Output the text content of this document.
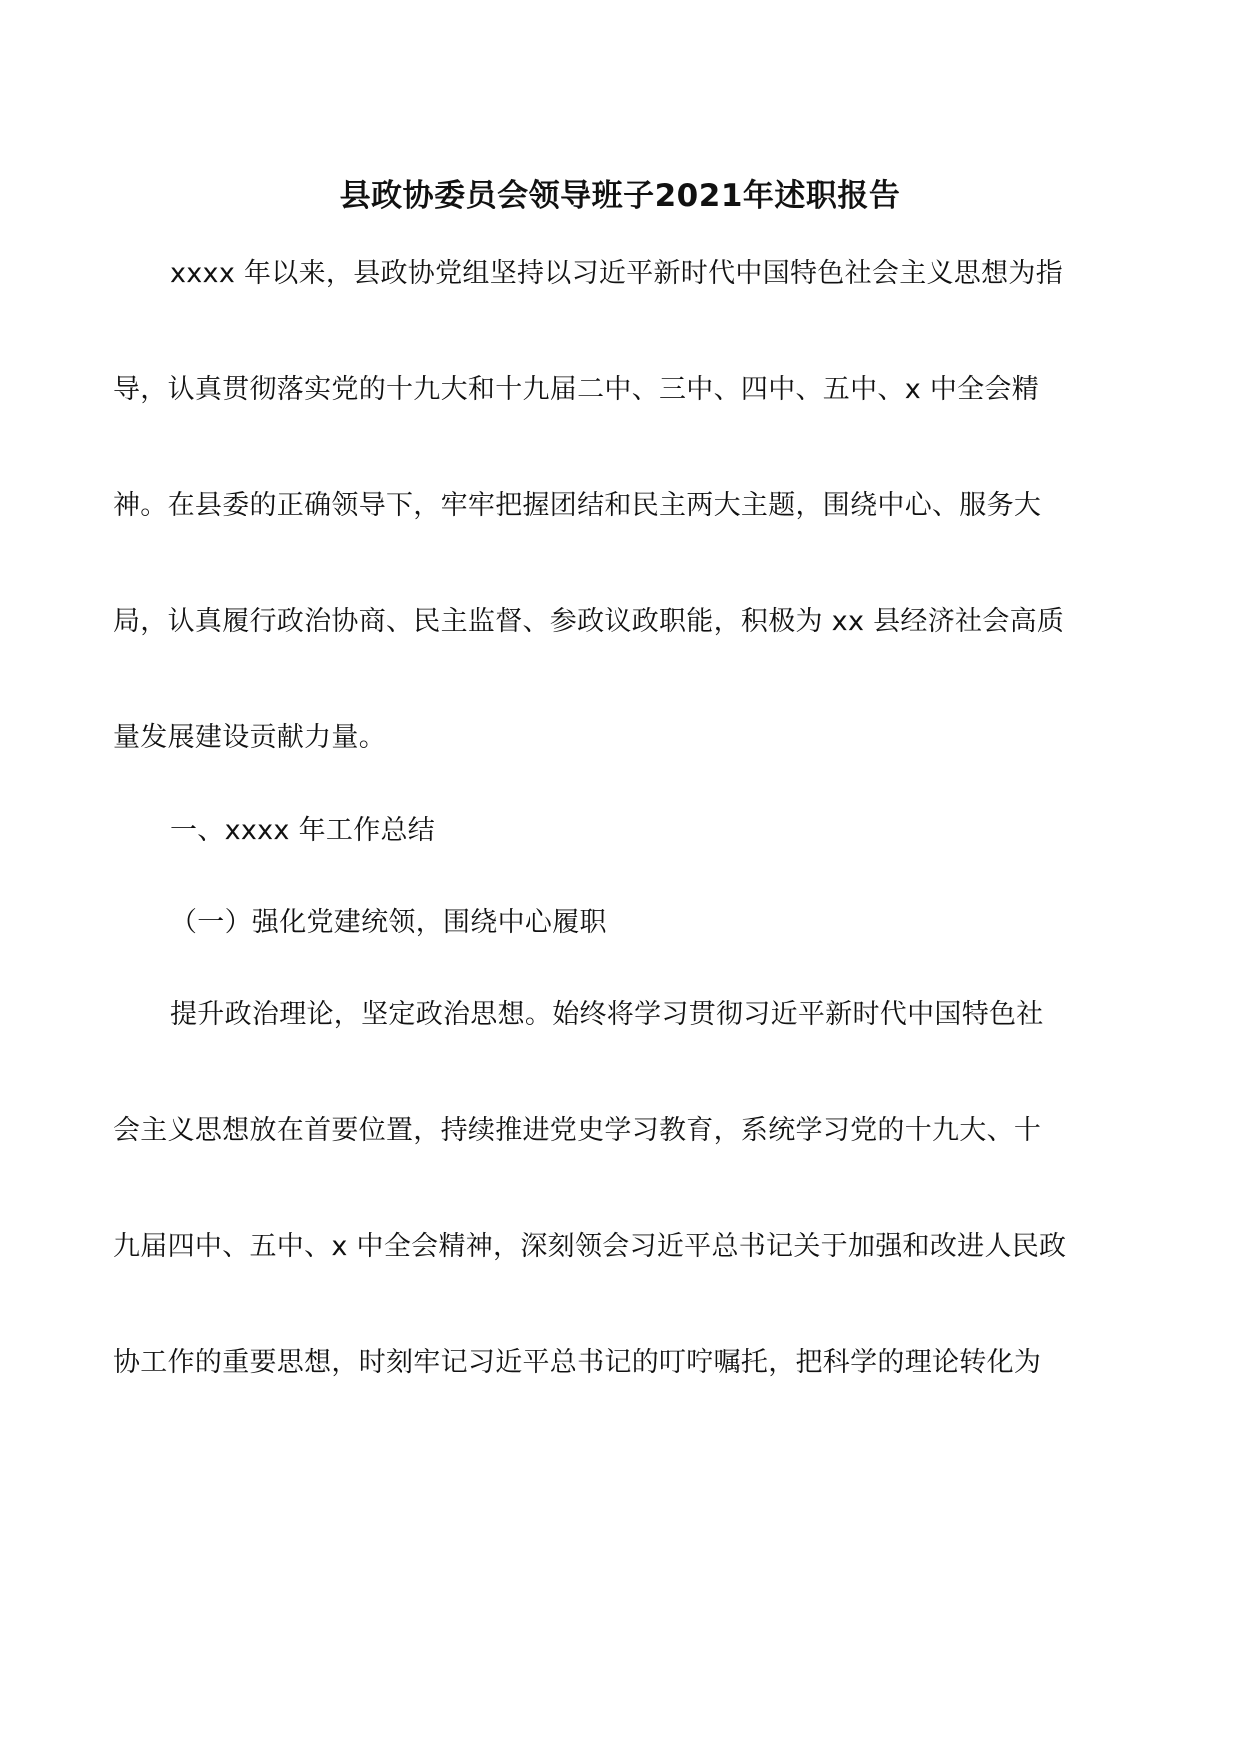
县政协委员会领导班子2021年述职报告

xxxx 年以来，县政协党组坚持以习近平新时代中国特色社会主义思想为指

导，认真贯彻落实党的十九大和十九届二中、三中、四中、五中、x 中全会精

神。在县委的正确领导下，牢牢把握团结和民主两大主题，围绕中心、服务大

局，认真履行政治协商、民主监督、参政议政职能，积极为 xx 县经济社会高质

量发展建设贡献力量。

一、xxxx 年工作总结

（一）强化党建统领，围绕中心履职

提升政治理论，坚定政治思想。始终将学习贯彻习近平新时代中国特色社

会主义思想放在首要位置，持续推进党史学习教育，系统学习党的十九大、十

九届四中、五中、x 中全会精神，深刻领会习近平总书记关于加强和改进人民政

协工作的重要思想，时刻牢记习近平总书记的叮咛嘱托，把科学的理论转化为
